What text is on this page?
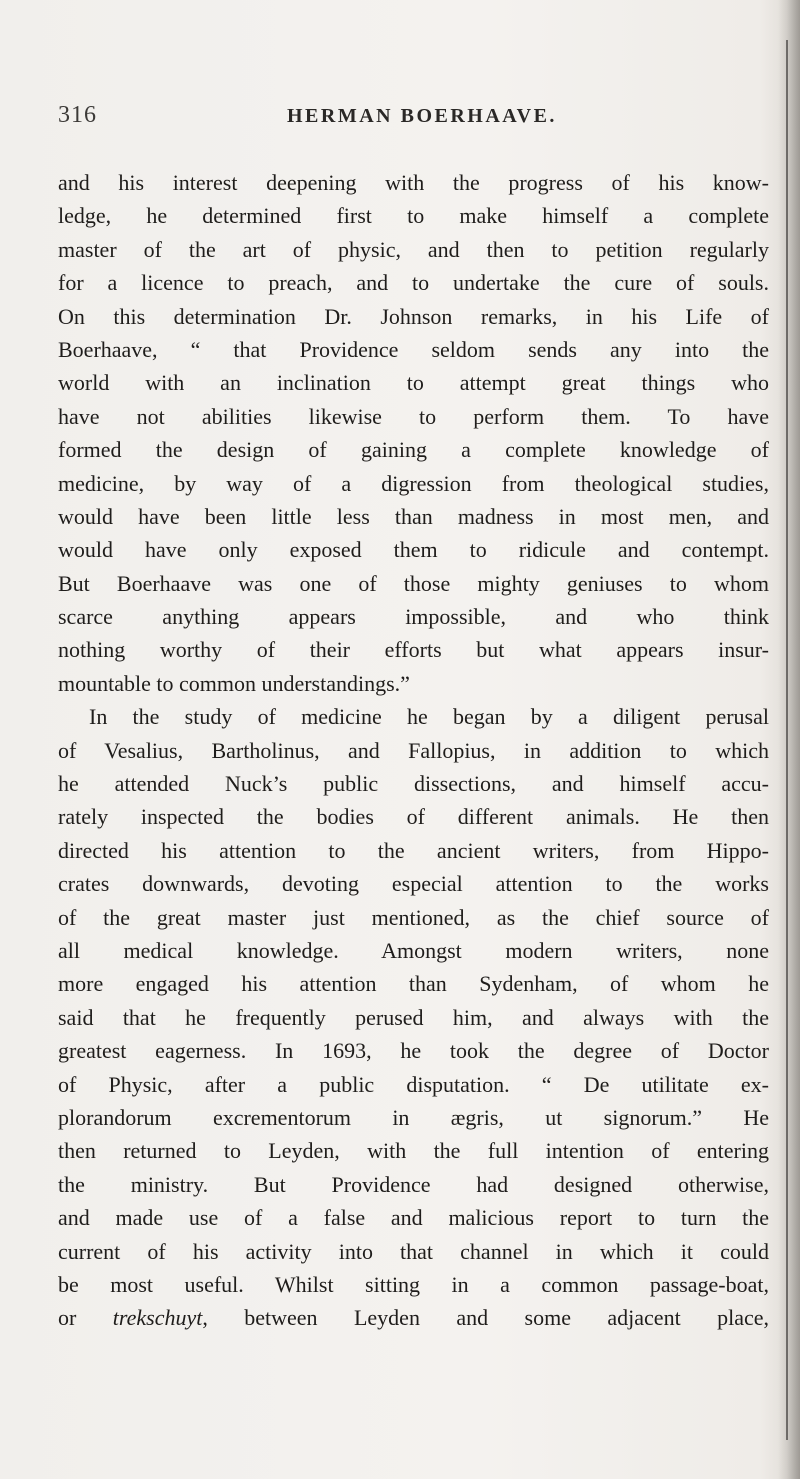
316	HERMAN BOERHAAVE.
and his interest deepening with the progress of his know-
ledge, he determined first to make himself a complete
master of the art of physic, and then to petition regularly
for a licence to preach, and to undertake the cure of souls.
On this determination Dr. Johnson remarks, in his Life of
Boerhaave, “ that Providence seldom sends any into the
world with an inclination to attempt great things who
have not abilities likewise to perform them. To have
formed the design of gaining a complete knowledge of
medicine, by way of a digression from theological studies,
would have been little less than madness in most men, and
would have only exposed them to ridicule and contempt.
But Boerhaave was one of those mighty geniuses to whom
scarce anything appears impossible, and who think
nothing worthy of their efforts but what appears insur-
mountable to common understandings.”
In the study of medicine he began by a diligent perusal
of Vesalius, Bartholinus, and Fallopius, in addition to which
he attended Nuck’s public dissections, and himself accu-
rately inspected the bodies of different animals. He then
directed his attention to the ancient writers, from Hippo-
crates downwards, devoting especial attention to the works
of the great master just mentioned, as the chief source of
all medical knowledge. Amongst modern writers, none
more engaged his attention than Sydenham, of whom he
said that he frequently perused him, and always with the
greatest eagerness. In 1693, he took the degree of Doctor
of Physic, after a public disputation. “ De utilitate ex-
plorandorum excrementorum in ægris, ut signorum.” He
then returned to Leyden, with the full intention of entering
the ministry. But Providence had designed otherwise,
and made use of a false and malicious report to turn the
current of his activity into that channel in which it could
be most useful. Whilst sitting in a common passage-boat,
or trekschuyt, between Leyden and some adjacent place,
